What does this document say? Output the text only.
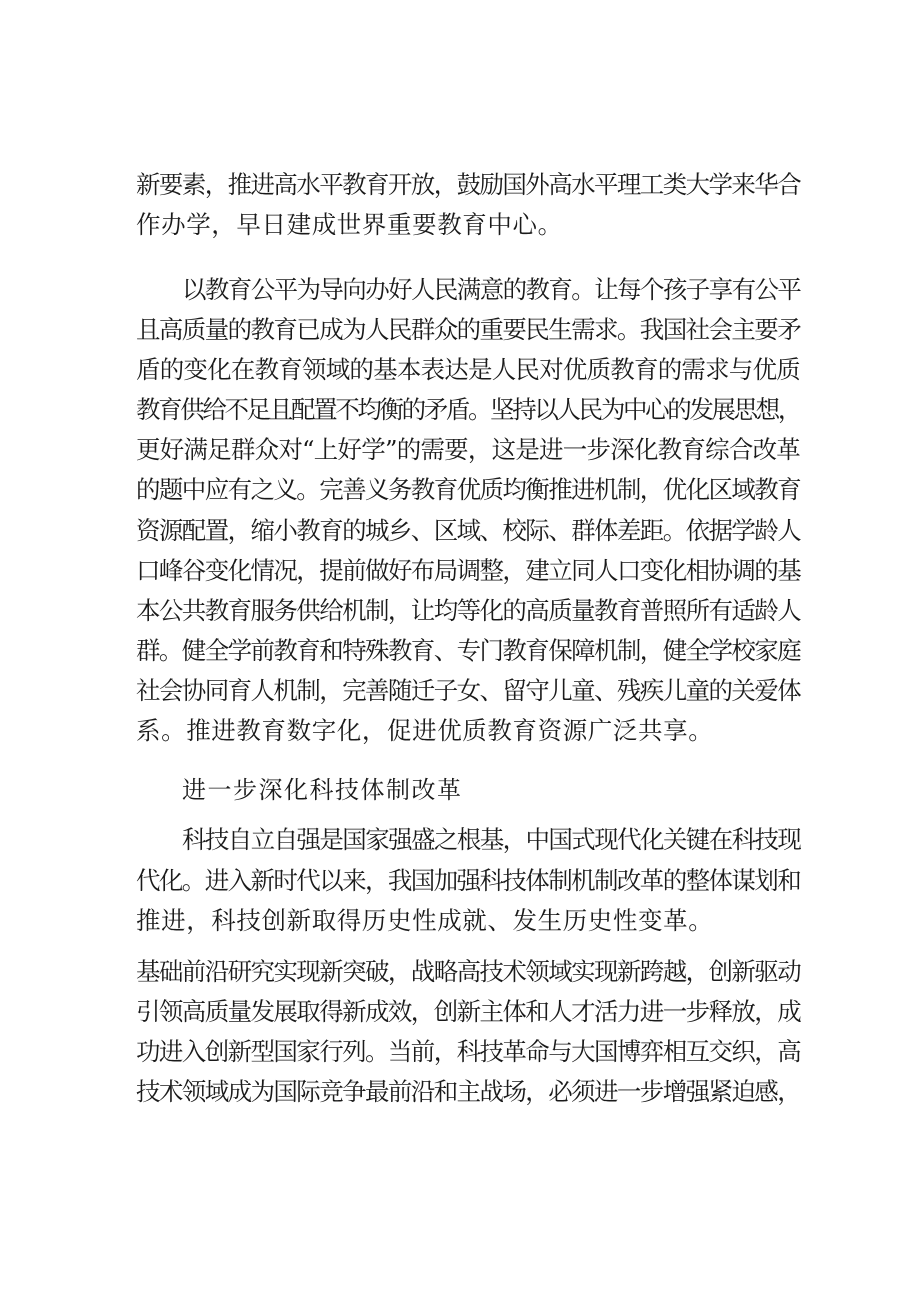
新要素，推进高水平教育开放，鼓励国外高水平理工类大学来华合

作办学，早日建成世界重要教育中心。

以教育公平为导向办好人民满意的教育。让每个孩子享有公平

且高质量的教育已成为人民群众的重要民生需求。我国社会主要矛

盾的变化在教育领域的基本表达是人民对优质教育的需求与优质

教育供给不足且配置不均衡的矛盾。坚持以人民为中心的发展思想，

更好满足群众对“上好学”的需要，这是进一步深化教育综合改革

的题中应有之义。完善义务教育优质均衡推进机制，优化区域教育

资源配置，缩小教育的城乡、区域、校际、群体差距。依据学龄人

口峰谷变化情况，提前做好布局调整，建立同人口变化相协调的基

本公共教育服务供给机制，让均等化的高质量教育普照所有适龄人

群。健全学前教育和特殊教育、专门教育保障机制，健全学校家庭

社会协同育人机制，完善随迁子女、留守儿童、残疾儿童的关爱体

系。推进教育数字化，促进优质教育资源广泛共享。

进一步深化科技体制改革

科技自立自强是国家强盛之根基，中国式现代化关键在科技现

代化。进入新时代以来，我国加强科技体制机制改革的整体谋划和

推进，科技创新取得历史性成就、发生历史性变革。

基础前沿研究实现新突破，战略高技术领域实现新跨越，创新驱动

引领高质量发展取得新成效，创新主体和人才活力进一步释放，成

功进入创新型国家行列。当前，科技革命与大国博弈相互交织，高

技术领域成为国际竞争最前沿和主战场，必须进一步增强紧迫感，
